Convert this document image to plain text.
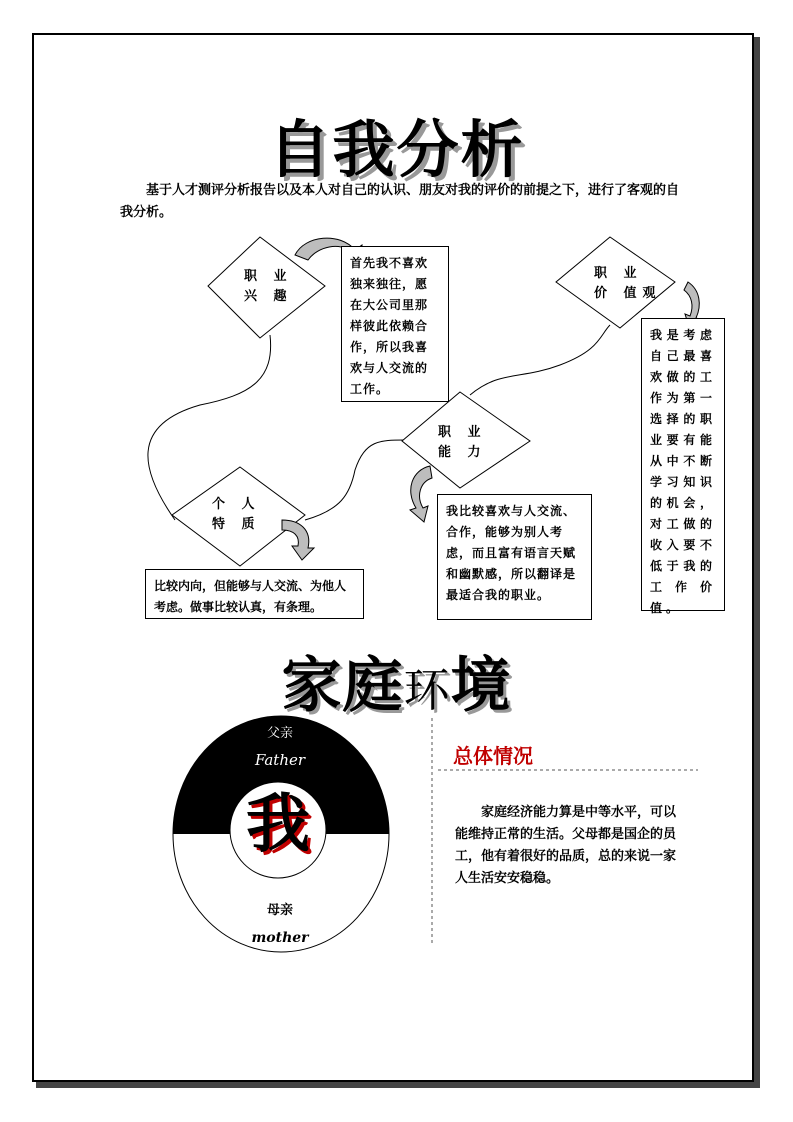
自我分析
基于人才测评分析报告以及本人对自己的认识、朋友对我的评价的前提之下，进行了客观的自我分析。
职 业 兴 趣
职 业 价 值观
职 业 能 力
个 人 特 质
首先我不喜欢独来独往，愿在大公司里那样彼此依赖合作，所以我喜欢与人交流的工作。
我是考虑自己最喜欢做的工作为第一选择的职业要有能从中不断学习知识的机会，对工做的收入要不低于我的工作价值。
我比较喜欢与人交流、合作，能够为别人考虑，而且富有语言天赋和幽默感，所以翻译是最适合我的职业。
比较内向，但能够与人交流、为他人考虑。做事比较认真，有条理。
家庭环境
父亲
Father
我
母亲
mother
总体情况
家庭经济能力算是中等水平，可以能维持正常的生活。父母都是国企的员工，他有着很好的品质，总的来说一家人生活安安稳稳。
